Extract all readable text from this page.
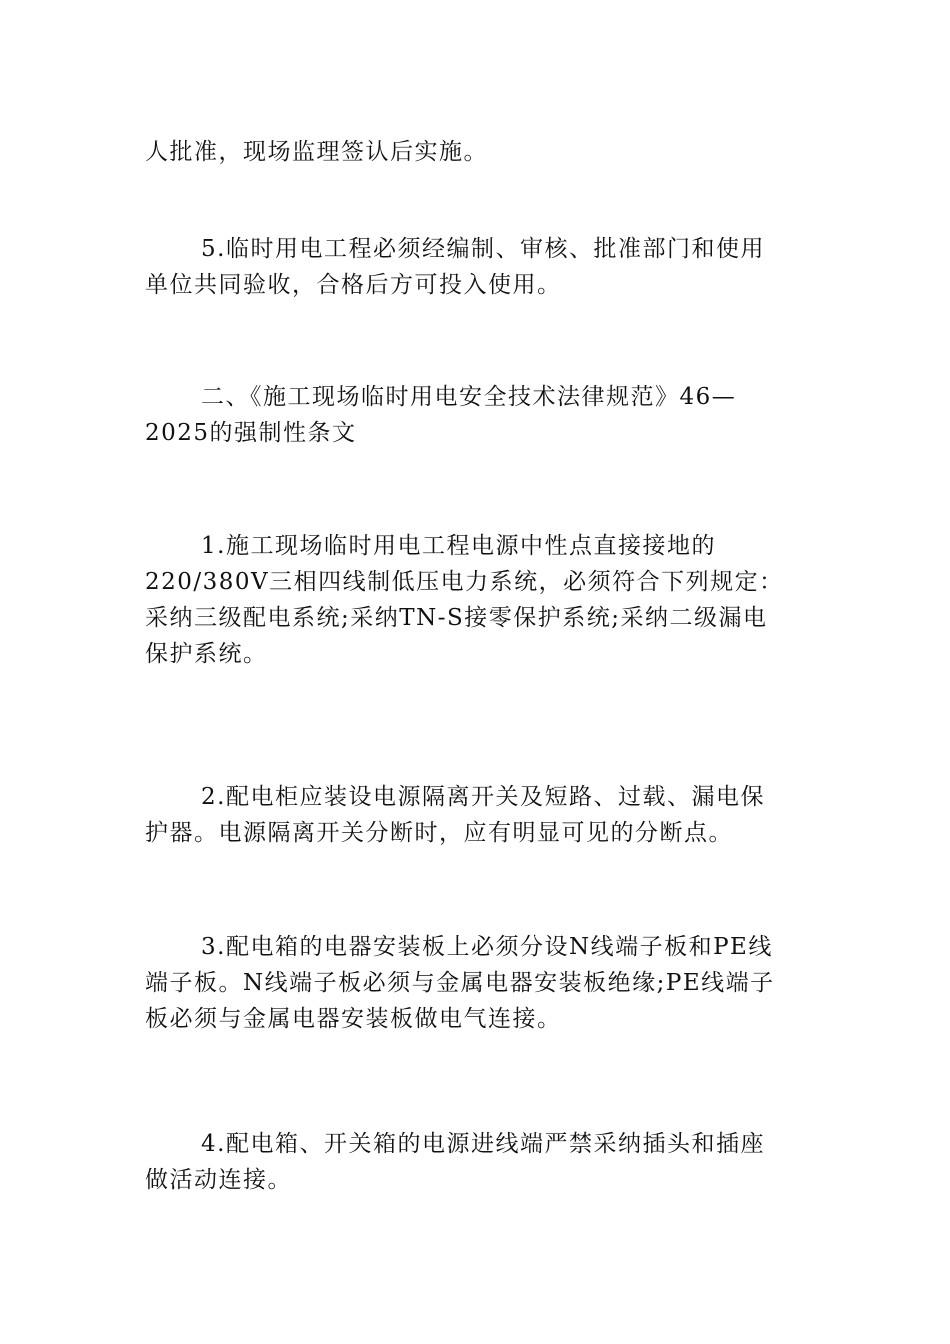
人批准，现场监理签认后实施。

5.临时用电工程必须经编制、审核、批准部门和使用
单位共同验收，合格后方可投入使用。

二、《施工现场临时用电安全技术法律规范》46—
2025的强制性条文

1.施工现场临时用电工程电源中性点直接接地的
220/380V三相四线制低压电力系统，必须符合下列规定：
采纳三级配电系统;采纳TN-S接零保护系统;采纳二级漏电
保护系统。

2.配电柜应装设电源隔离开关及短路、过载、漏电保
护器。电源隔离开关分断时，应有明显可见的分断点。

3.配电箱的电器安装板上必须分设N线端子板和PE线
端子板。N线端子板必须与金属电器安装板绝缘;PE线端子
板必须与金属电器安装板做电气连接。

4.配电箱、开关箱的电源进线端严禁采纳插头和插座
做活动连接。
